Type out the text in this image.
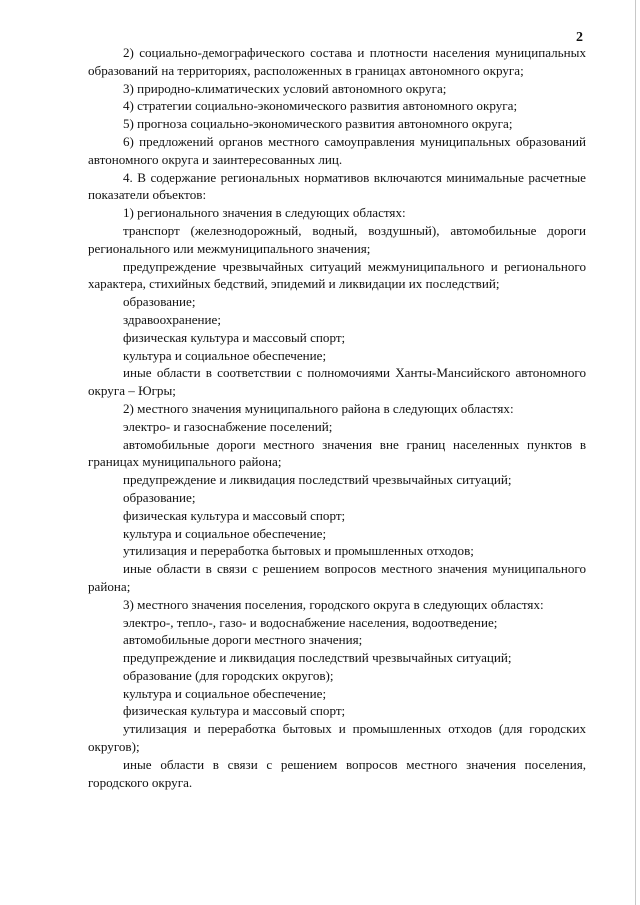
2

2) социально-демографического состава и плотности населения муниципальных образований на территориях, расположенных в границах автономного округа;

3) природно-климатических условий автономного округа;

4) стратегии социально-экономического развития автономного округа;

5) прогноза социально-экономического развития автономного округа;

6) предложений органов местного самоуправления муниципальных образований автономного округа и заинтересованных лиц.

4. В содержание региональных нормативов включаются минимальные расчетные показатели объектов:

1) регионального значения в следующих областях:

транспорт (железнодорожный, водный, воздушный), автомобильные дороги регионального или межмуниципального значения;

предупреждение чрезвычайных ситуаций межмуниципального и регионального характера, стихийных бедствий, эпидемий и ликвидации их последствий;

образование;

здравоохранение;

физическая культура и массовый спорт;

культура и социальное обеспечение;

иные области в соответствии с полномочиями Ханты-Мансийского автономного округа – Югры;

2) местного значения муниципального района в следующих областях:

электро- и газоснабжение поселений;

автомобильные дороги местного значения вне границ населенных пунктов в границах муниципального района;

предупреждение и ликвидация последствий чрезвычайных ситуаций;

образование;

физическая культура и массовый спорт;

культура и социальное обеспечение;

утилизация и переработка бытовых и промышленных отходов;

иные области в связи с решением вопросов местного значения муниципального района;

3) местного значения поселения, городского округа в следующих областях:

электро-, тепло-, газо- и водоснабжение населения, водоотведение;

автомобильные дороги местного значения;

предупреждение и ликвидация последствий чрезвычайных ситуаций;

образование (для городских округов);

культура и социальное обеспечение;

физическая культура и массовый спорт;

утилизация и переработка бытовых и промышленных отходов (для городских округов);

иные области в связи с решением вопросов местного значения поселения, городского округа.
